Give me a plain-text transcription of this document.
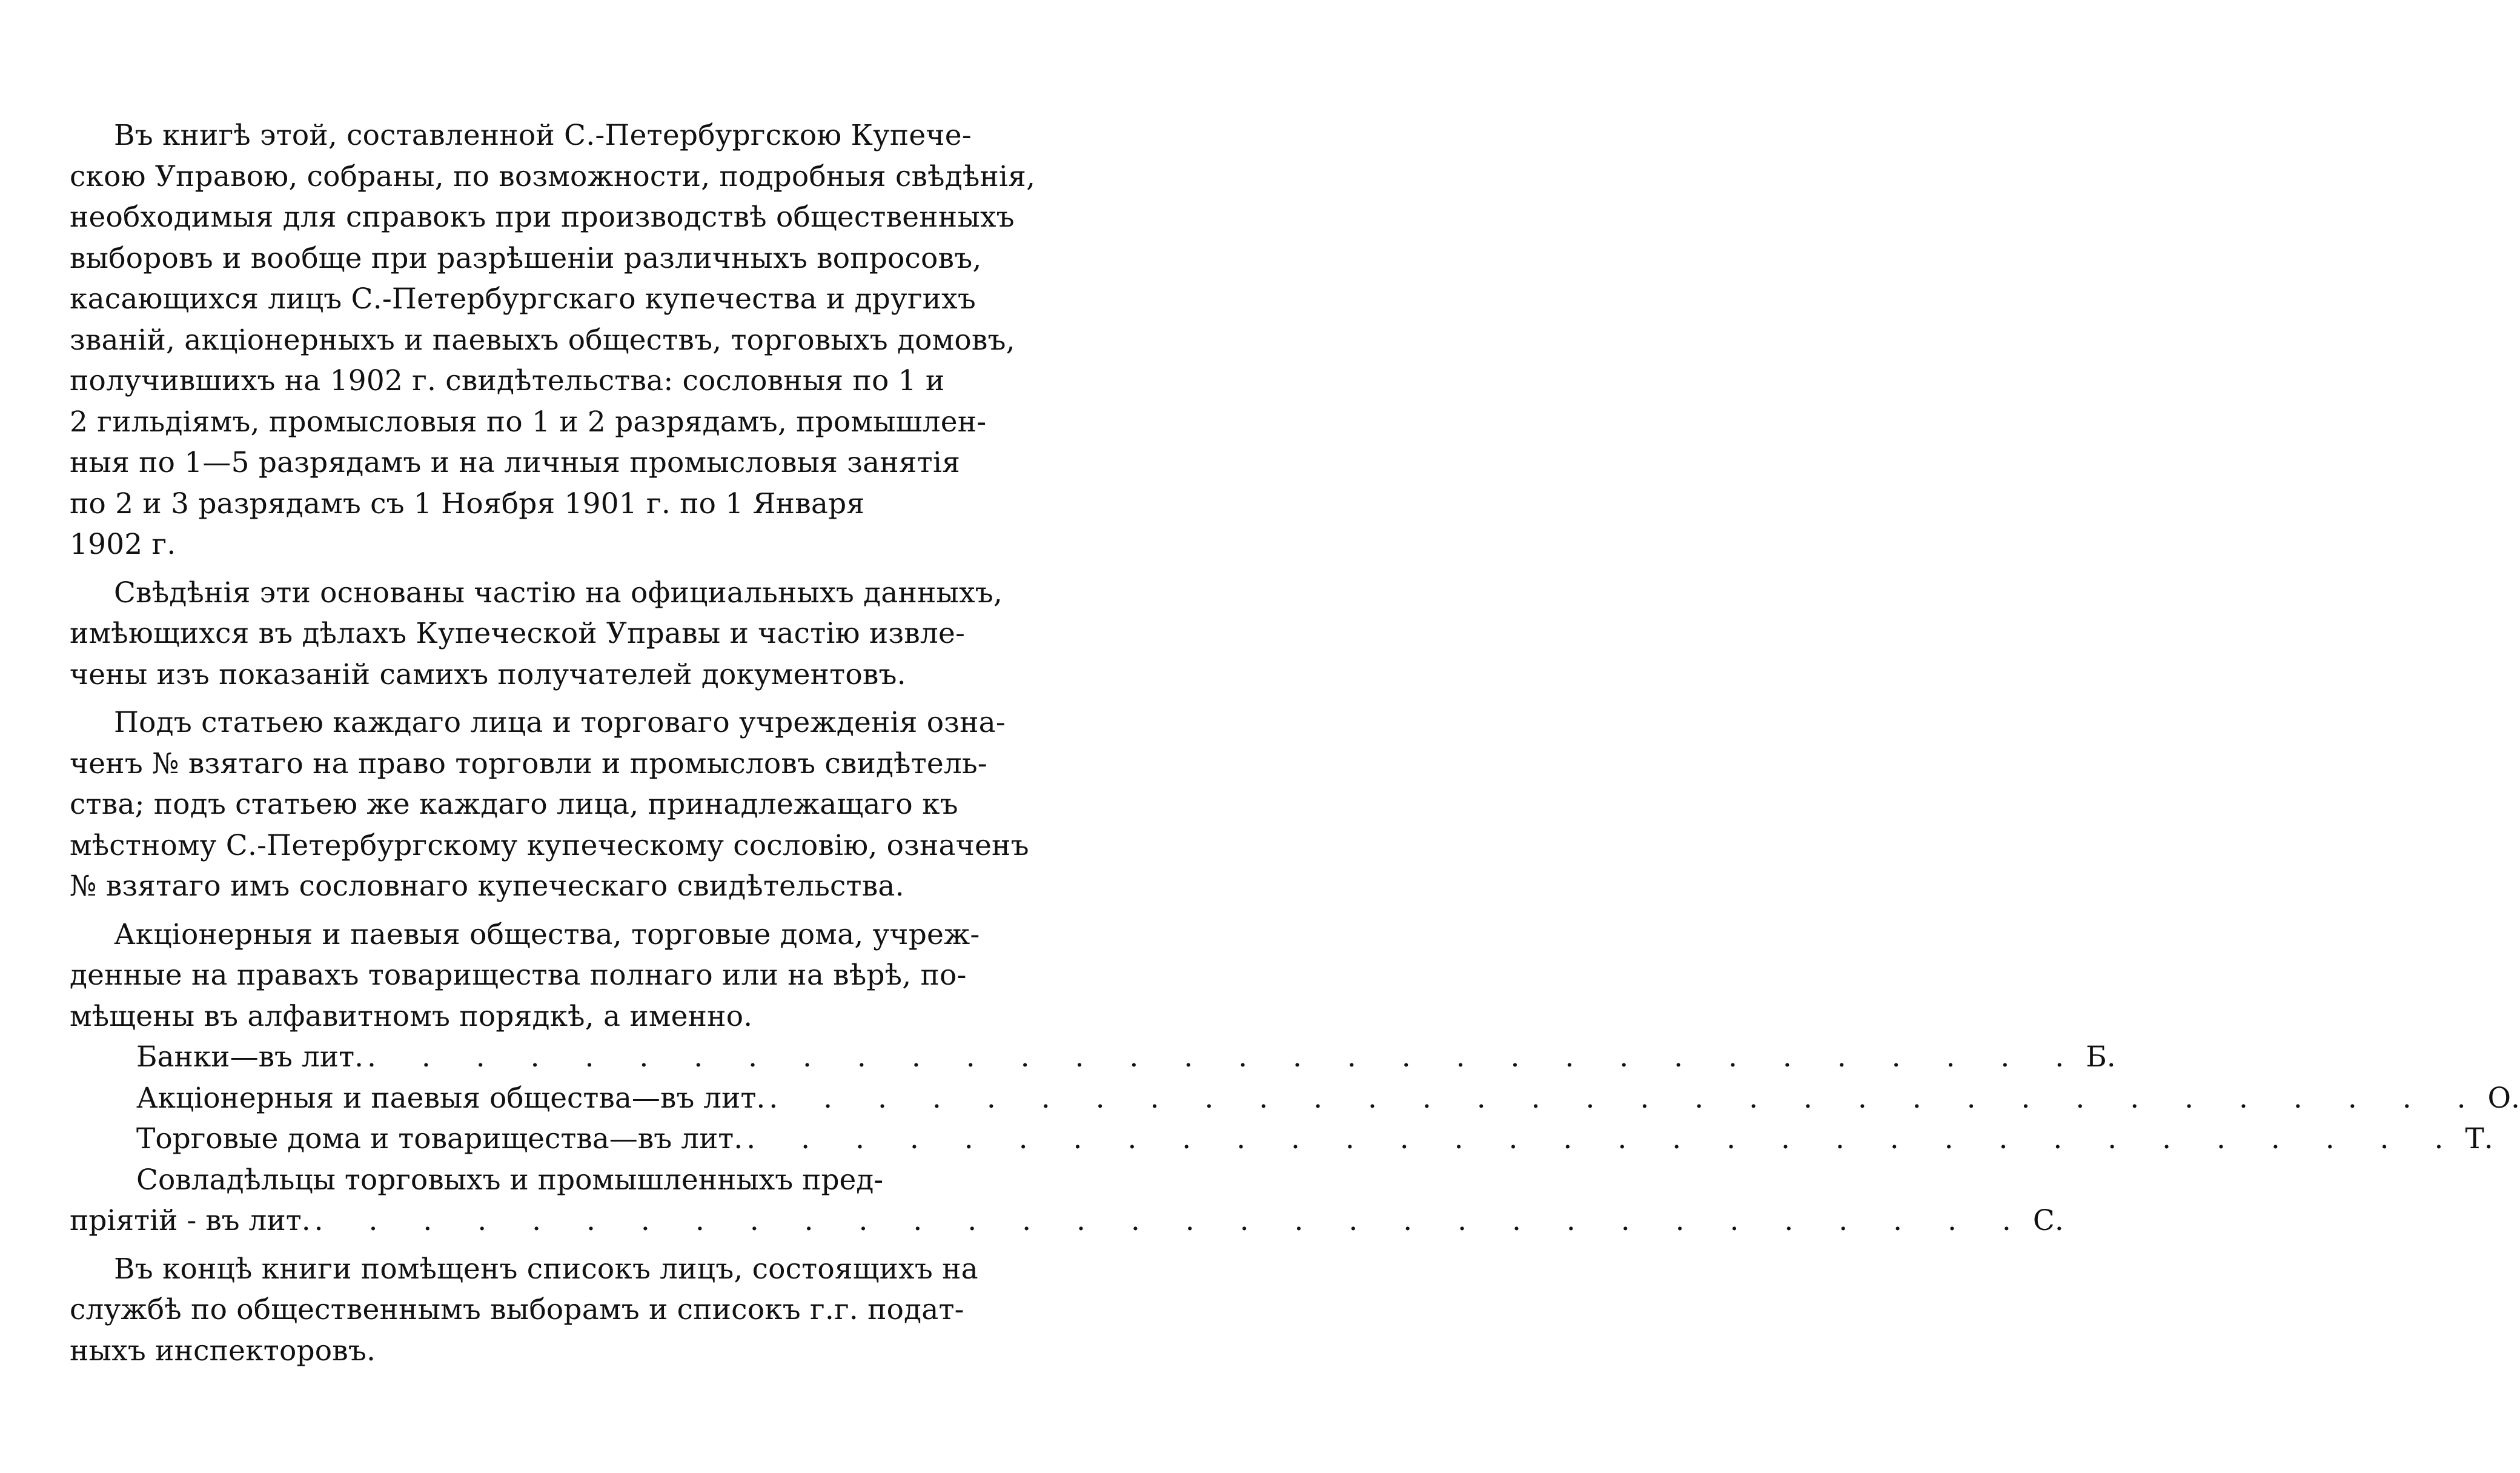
Въ книгѣ этой, составленной С.-Петербургскою Купече-
скою Управою, собраны, по возможности, подробныя свѣдѣнія,
необходимыя для справокъ при производствѣ общественныхъ
выборовъ и вообще при разрѣшеніи различныхъ вопросовъ,
касающихся лицъ С.-Петербургскаго купечества и другихъ
званій, акціонерныхъ и паевыхъ обществъ, торговыхъ домовъ,
получившихъ на 1902 г. свидѣтельства: сословныя по 1 и
2 гильдіямъ, промысловыя по 1 и 2 разрядамъ, промышлен-
ныя по 1—5 разрядамъ и на личныя промысловыя занятія
по 2 и 3 разрядамъ съ 1 Ноября 1901 г. по 1 Января
1902 г.
Свѣдѣнія эти основаны частію на официальныхъ данныхъ,
имѣющихся въ дѣлахъ Купеческой Управы и частію извле-
чены изъ показаній самихъ получателей документовъ.
Подъ статьею каждаго лица и торговаго учрежденія озна-
ченъ № взятаго на право торговли и промысловъ свидѣтель-
ства; подъ статьею же каждаго лица, принадлежащаго къ
мѣстному С.-Петербургскому купеческому сословію, означенъ
№ взятаго имъ сословнаго купеческаго свидѣтельства.
Акціонерныя и паевыя общества, торговые дома, учреж-
денные на правахъ товарищества полнаго или на вѣрѣ, по-
мѣщены въ алфавитномъ порядкѣ, а именно.
Банки—въ лит. . . .	Б.
Акціонерныя и паевыя общества—въ лит. . . .	О.
Торговые дома и товарищества—въ лит. . . .	Т.
Совладѣльцы торговыхъ и промышленныхъ пред-
пріятій - въ лит. . . .	С.
Въ концѣ книги помѣщенъ списокъ лицъ, состоящихъ на
службѣ по общественнымъ выборамъ и списокъ г.г. подат-
ныхъ инспекторовъ.
